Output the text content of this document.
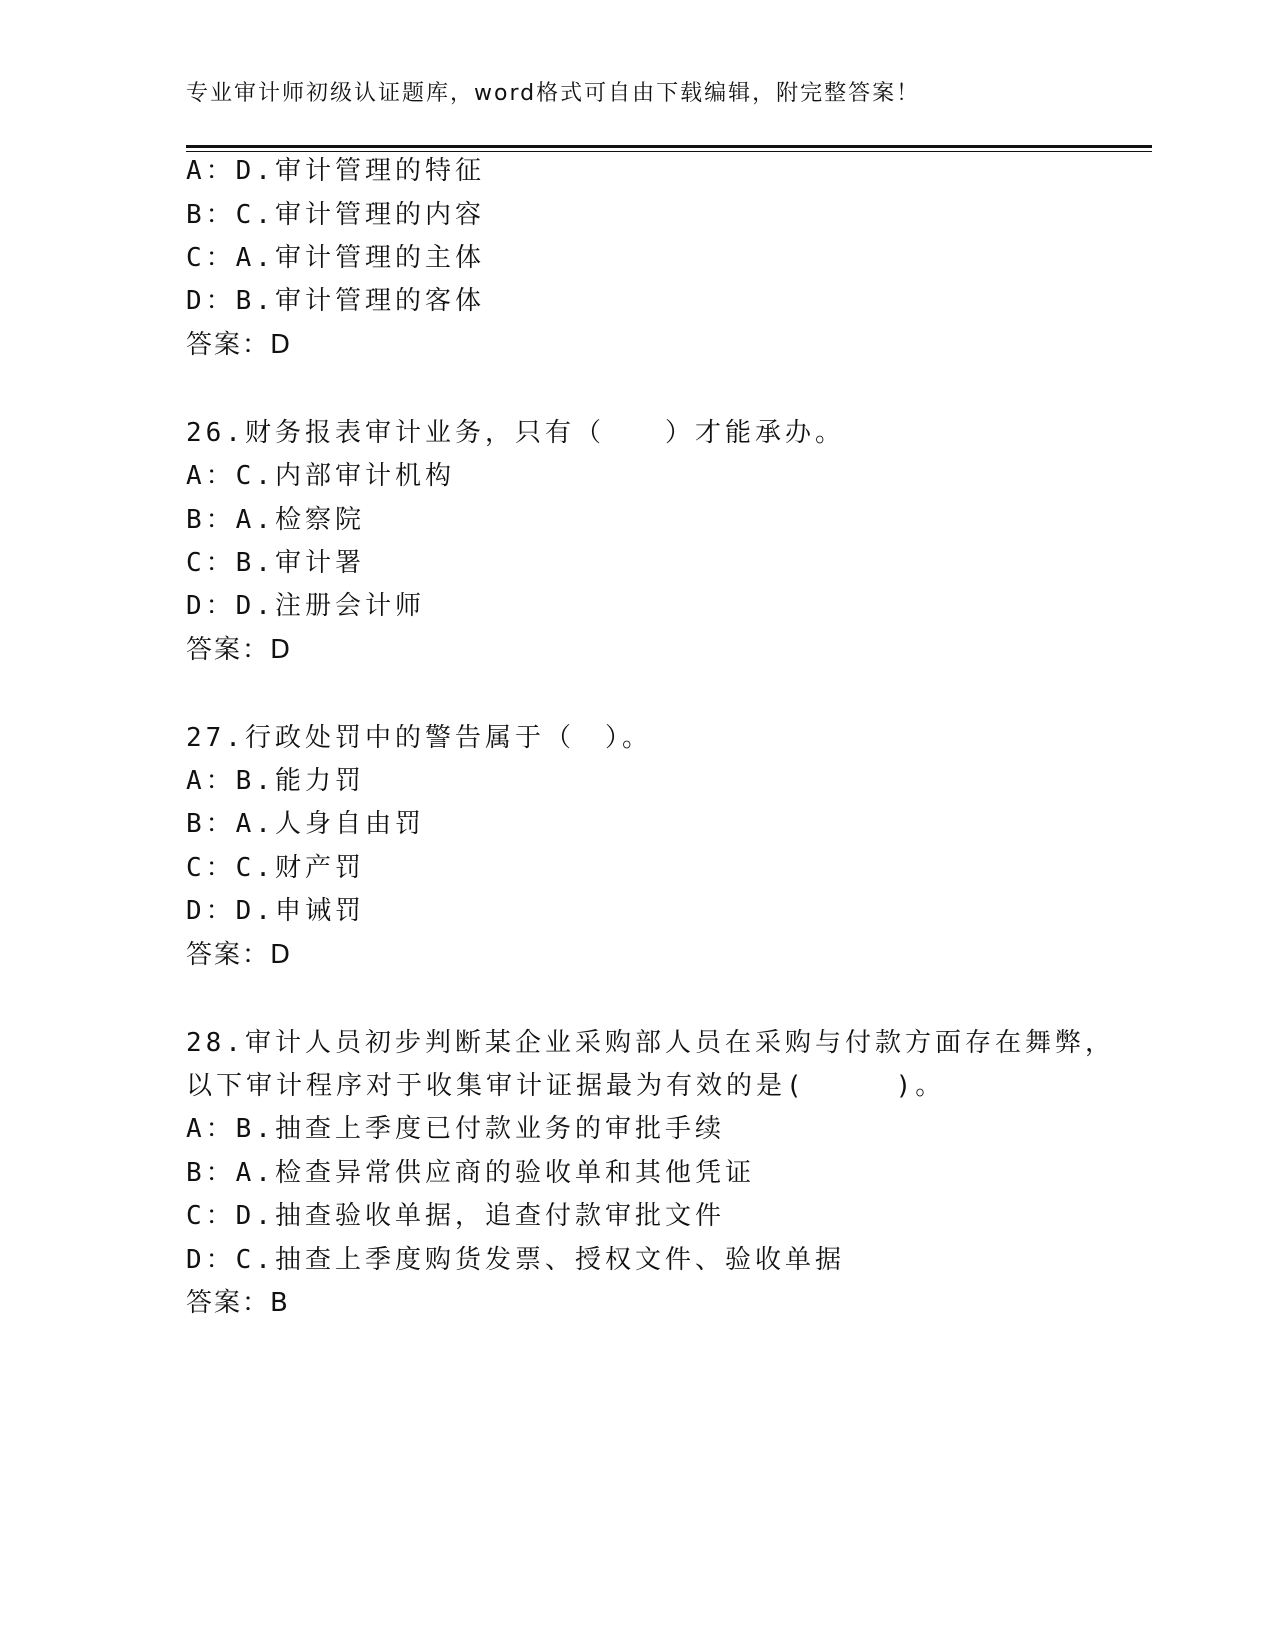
专业审计师初级认证题库，word格式可自由下载编辑，附完整答案！
A：D.审计管理的特征
B：C.审计管理的内容
C：A.审计管理的主体
D：B.审计管理的客体
答案：D
26.财务报表审计业务，只有（　　）才能承办。
A：C.内部审计机构
B：A.检察院
C：B.审计署
D：D.注册会计师
答案：D
27.行政处罚中的警告属于（　）。
A：B.能力罚
B：A.人身自由罚
C：C.财产罚
D：D.申诫罚
答案：D
28.审计人员初步判断某企业采购部人员在采购与付款方面存在舞弊，
以下审计程序对于收集审计证据最为有效的是(　　　)。
A：B.抽查上季度已付款业务的审批手续
B：A.检查异常供应商的验收单和其他凭证
C：D.抽查验收单据，追查付款审批文件
D：C.抽查上季度购货发票、授权文件、验收单据
答案：B
